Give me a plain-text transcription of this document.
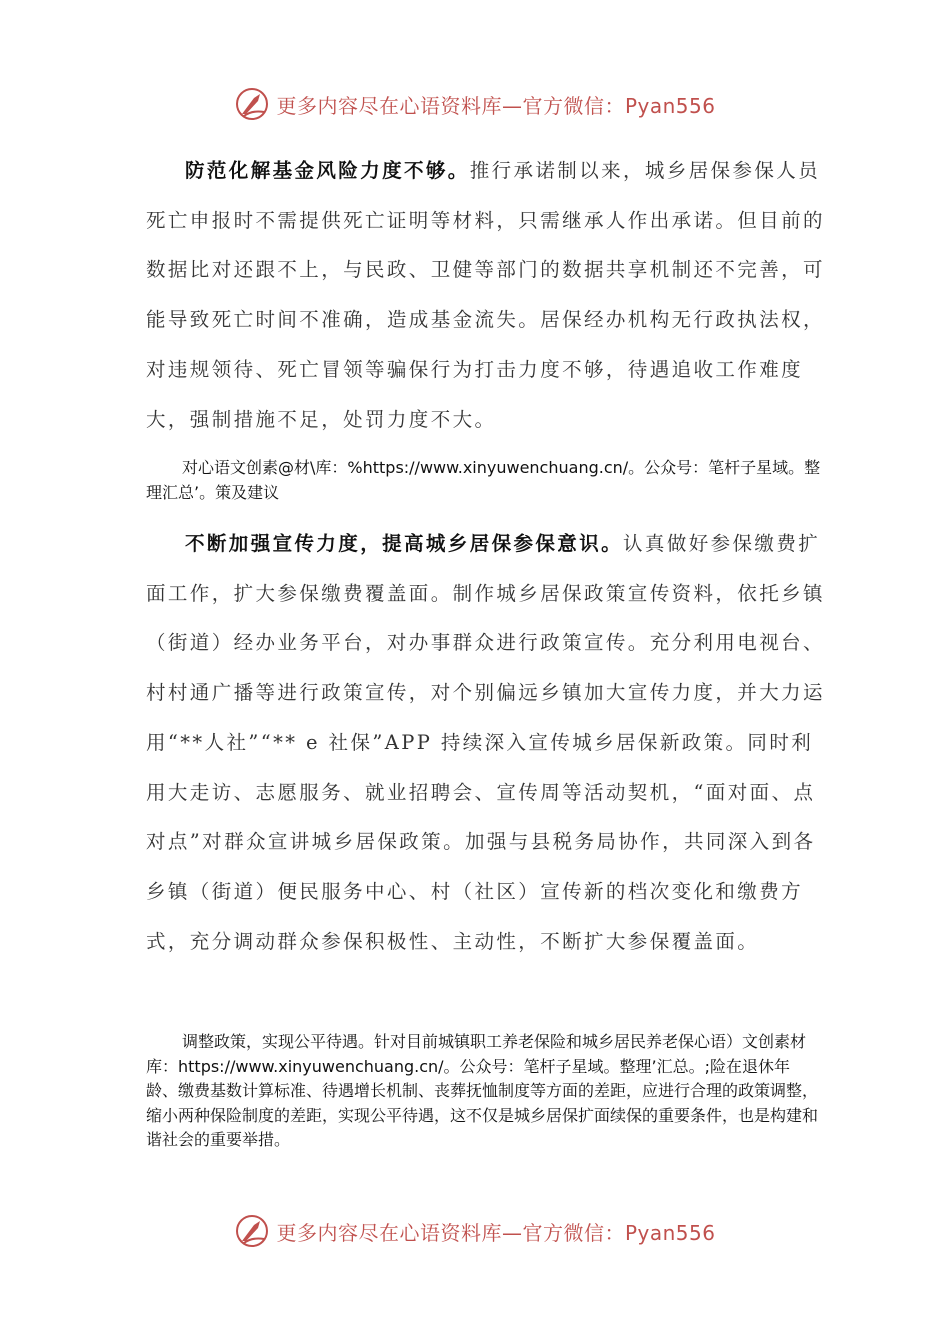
更多内容尽在心语资料库—官方微信：Pyan556

防范化解基金风险力度不够。推行承诺制以来，城乡居保参保人员死亡申报时不需提供死亡证明等材料，只需继承人作出承诺。但目前的数据比对还跟不上，与民政、卫健等部门的数据共享机制还不完善，可能导致死亡时间不准确，造成基金流失。居保经办机构无行政执法权，对违规领待、死亡冒领等骗保行为打击力度不够，待遇追收工作难度大，强制措施不足，处罚力度不大。

对心语文创素@材\库：%https://www.xinyuwenchuang.cn/。公众号：笔杆子星域。整理汇总’。策及建议

不断加强宣传力度，提高城乡居保参保意识。认真做好参保缴费扩面工作，扩大参保缴费覆盖面。制作城乡居保政策宣传资料，依托乡镇（街道）经办业务平台，对办事群众进行政策宣传。充分利用电视台、村村通广播等进行政策宣传，对个别偏远乡镇加大宣传力度，并大力运用“**人社”“** e 社保”APP 持续深入宣传城乡居保新政策。同时利用大走访、志愿服务、就业招聘会、宣传周等活动契机，“面对面、点对点”对群众宣讲城乡居保政策。加强与县税务局协作，共同深入到各乡镇（街道）便民服务中心、村（社区）宣传新的档次变化和缴费方式，充分调动群众参保积极性、主动性，不断扩大参保覆盖面。

调整政策，实现公平待遇。针对目前城镇职工养老保险和城乡居民养老保心语）文创素材库：https://www.xinyuwenchuang.cn/。公众号：笔杆子星域。整理’汇总。;险在退休年龄、缴费基数计算标准、待遇增长机制、丧葬抚恤制度等方面的差距，应进行合理的政策调整，缩小两种保险制度的差距，实现公平待遇，这不仅是城乡居保扩面续保的重要条件，也是构建和谐社会的重要举措。

更多内容尽在心语资料库—官方微信：Pyan556
